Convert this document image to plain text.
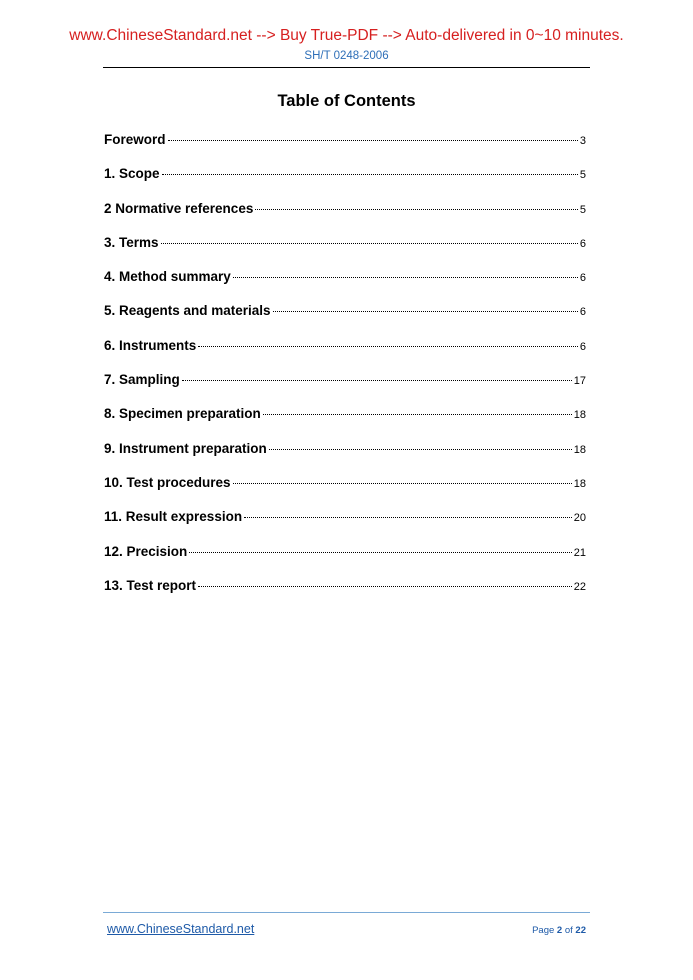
www.ChineseStandard.net --> Buy True-PDF --> Auto-delivered in 0~10 minutes.
SH/T 0248-2006
Table of Contents
Foreword	3
1. Scope	5
2 Normative references	5
3. Terms	6
4. Method summary	6
5. Reagents and materials	6
6. Instruments	6
7. Sampling	17
8. Specimen preparation	18
9. Instrument preparation	18
10. Test procedures	18
11. Result expression	20
12. Precision	21
13. Test report	22
www.ChineseStandard.net	Page 2 of 22
